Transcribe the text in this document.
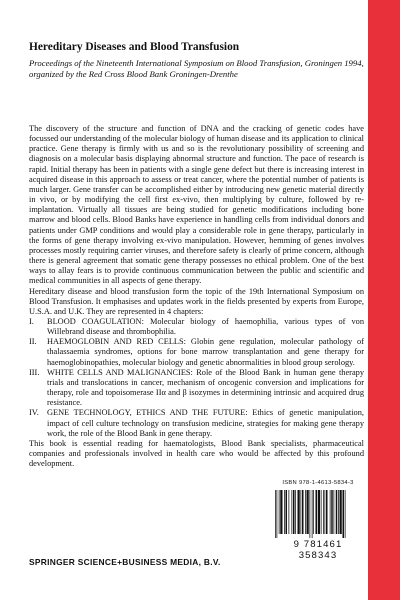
Hereditary Diseases and Blood Transfusion

Proceedings of the Nineteenth International Symposium on Blood Transfusion, Groningen 1994, organized by the Red Cross Blood Bank Groningen-Drenthe

The discovery of the structure and function of DNA and the cracking of genetic codes have focussed our understanding of the molecular biology of human disease and its application to clinical practice. Gene therapy is firmly with us and so is the revolutionary possibility of screening and diagnosis on a molecular basis displaying abnormal structure and function. The pace of research is rapid. Initial therapy has been in patients with a single gene defect but there is increasing interest in acquired disease in this approach to assess or treat cancer, where the potential number of patients is much larger. Gene transfer can be accomplished either by introducing new genetic material directly in vivo, or by modifying the cell first ex-vivo, then multiplying by culture, followed by re-implantation. Virtually all tissues are being studied for genetic modifications including bone marrow and blood cells. Blood Banks have experience in handling cells from individual donors and patients under GMP conditions and would play a considerable role in gene therapy, particularly in the forms of gene therapy involving ex-vivo manipulation. However, hemming of genes involves processes mostly requiring carrier viruses, and therefore safety is clearly of prime concern, although there is general agreement that somatic gene therapy possesses no ethical problem. One of the best ways to allay fears is to provide continuous communication between the public and scientific and medical communities in all aspects of gene therapy.

Hereditary disease and blood transfusion form the topic of the 19th International Symposium on Blood Transfusion. It emphasises and updates work in the fields presented by experts from Europe, U.S.A. and U.K. They are represented in 4 chapters:

I.	BLOOD COAGULATION: Molecular biology of haemophilia, various types of von Willebrand disease and thrombophilia.
II.	HAEMOGLOBIN AND RED CELLS: Globin gene regulation, molecular pathology of thalassaemia syndromes, options for bone marrow transplantation and gene therapy for haemoglobinopathies, molecular biology and genetic abnormalities in blood group serology.
III. WHITE CELLS AND MALIGNANCIES: Role of the Blood Bank in human gene therapy trials and translocations in cancer, mechanism of oncogenic conversion and implications for therapy, role and topoisomerase IIα and β isozymes in determining intrinsic and acquired drug resistance.
IV. GENE TECHNOLOGY, ETHICS AND THE FUTURE: Ethics of genetic manipulation, impact of cell culture technology on transfusion medicine, strategies for making gene therapy work, the role of the Blood Bank in gene therapy.

This book is essential reading for haematologists, Blood Bank specialists, pharmaceutical companies and professionals involved in health care who would be affected by this profound development.

ISBN 978-1-4613-5834-3
9 781461 358343
SPRINGER SCIENCE+BUSINESS MEDIA, B.V.
